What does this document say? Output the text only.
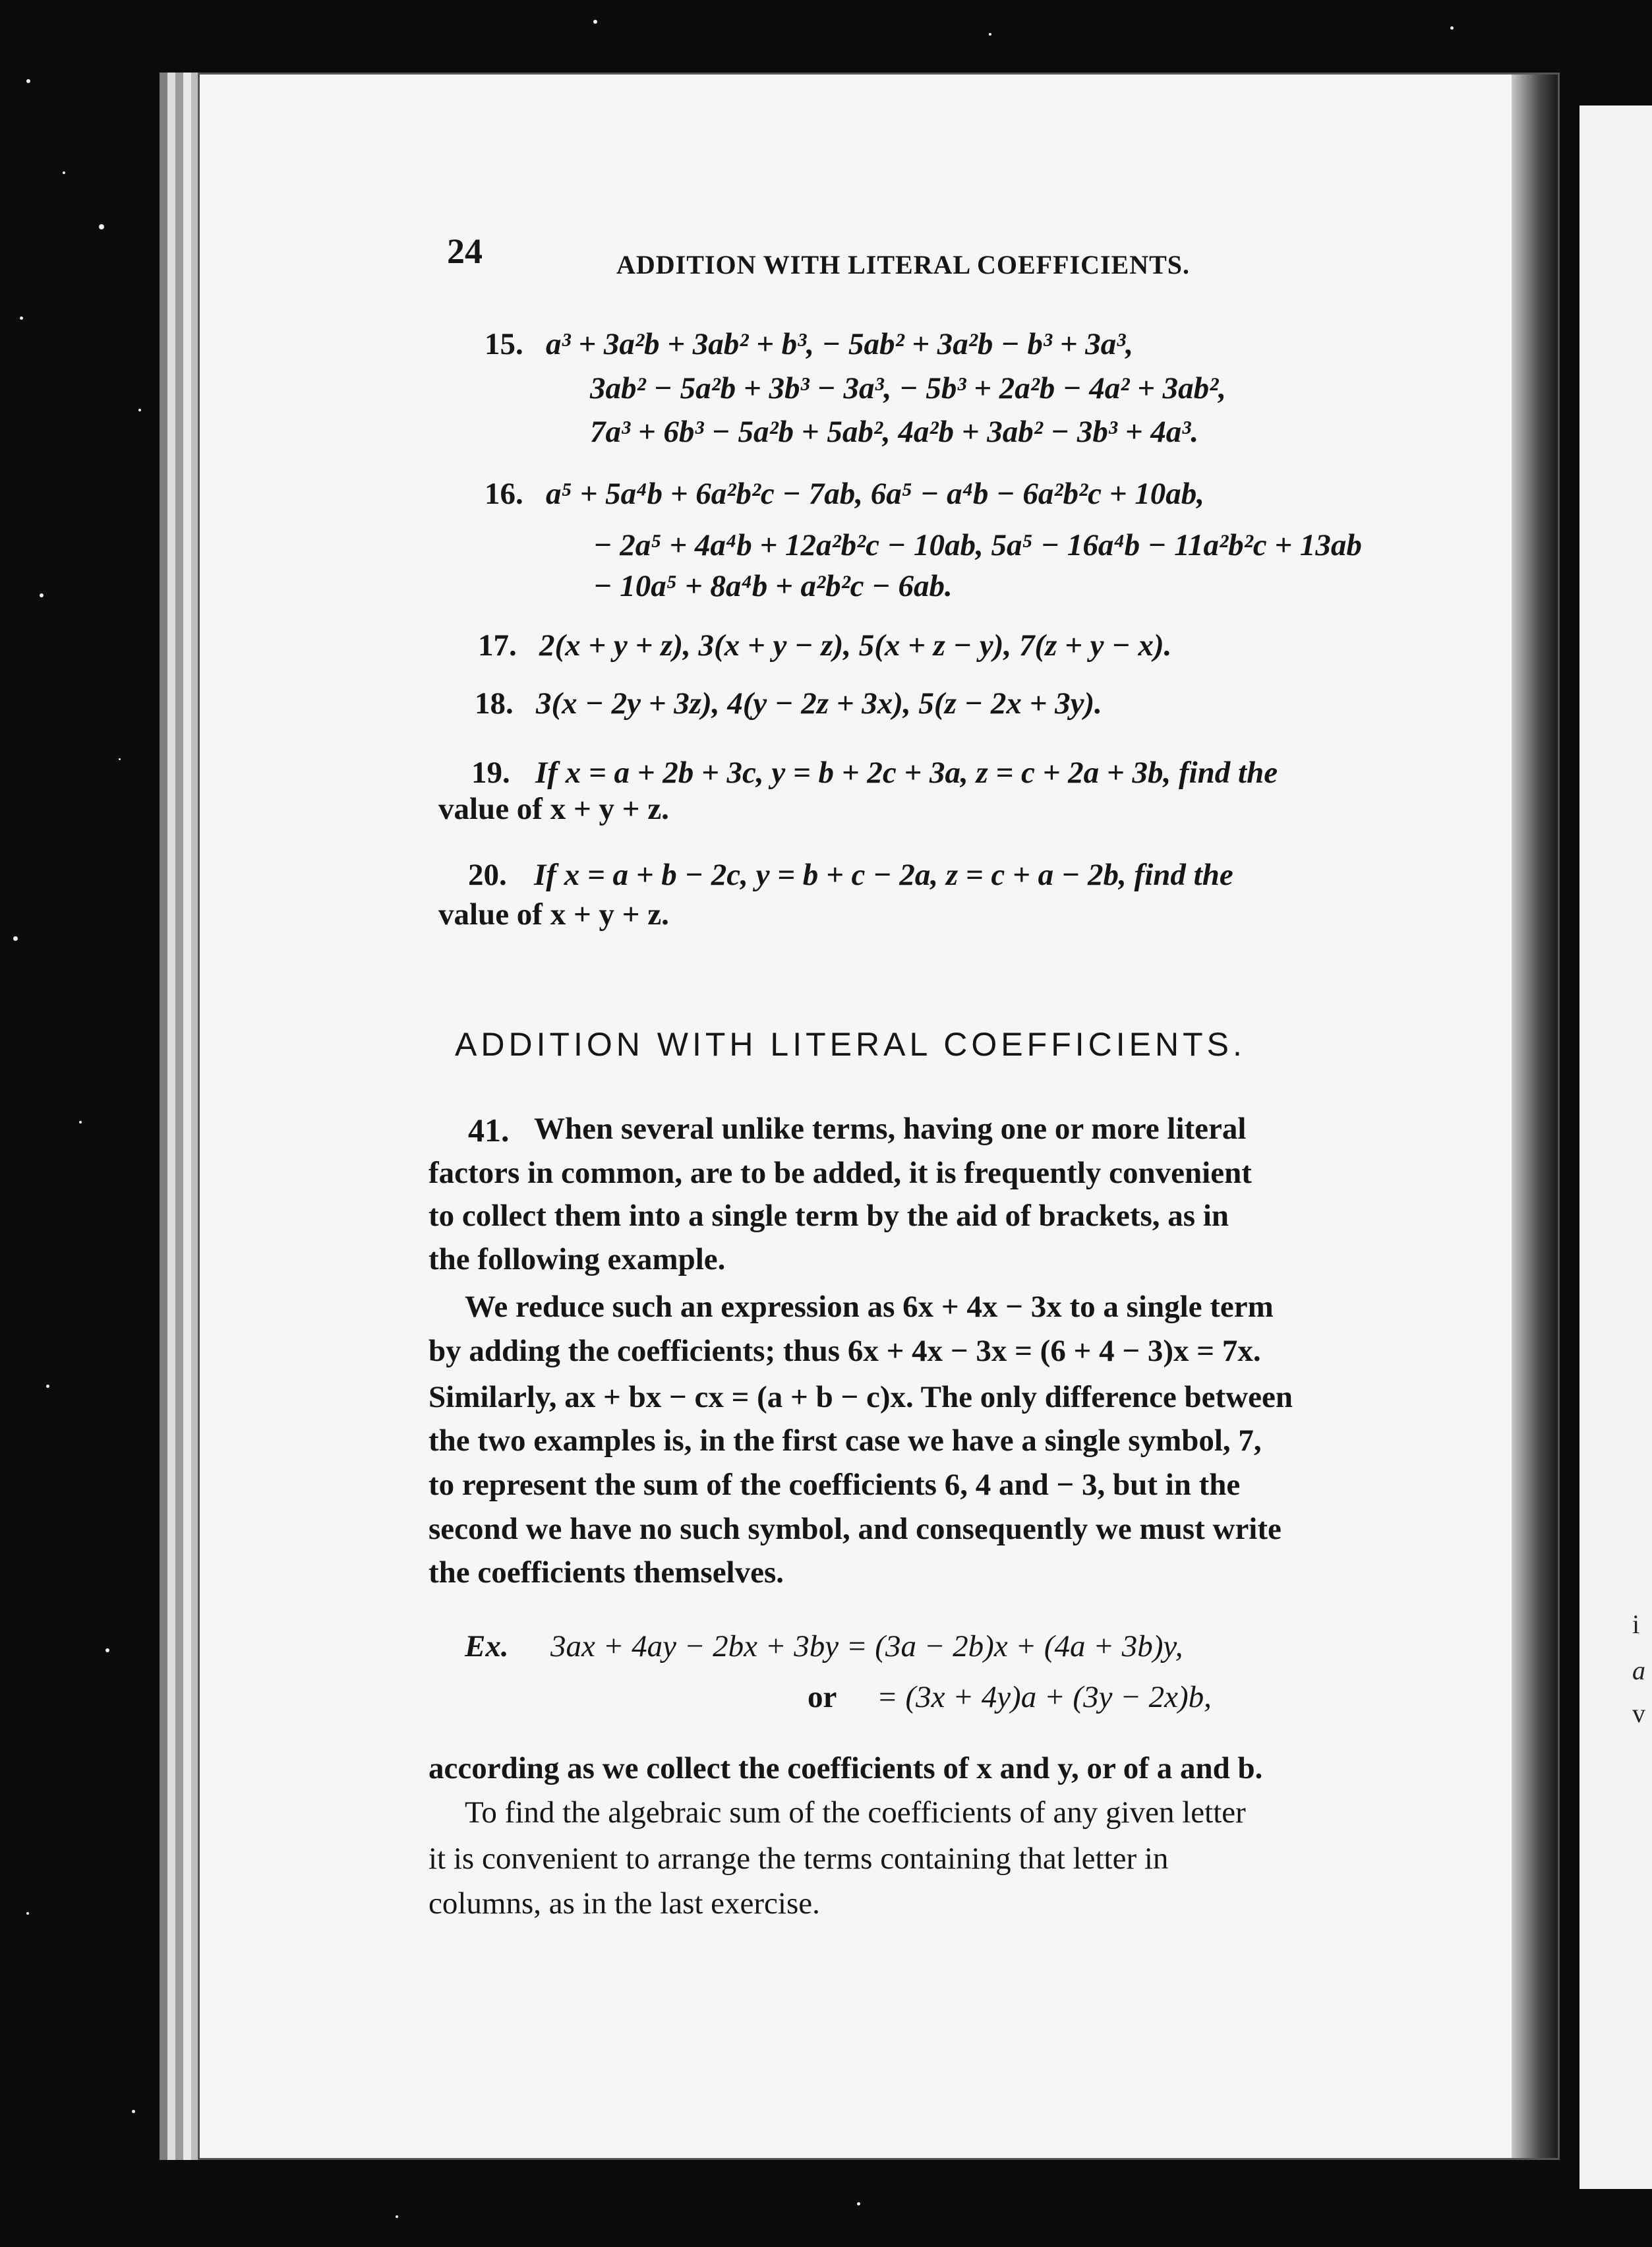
i
a
v
24	ADDITION WITH LITERAL COEFFICIENTS.
15. a³ + 3a²b + 3ab² + b³, − 5ab² + 3a²b − b³ + 3a³,
3ab² − 5a²b + 3b³ − 3a³, − 5b³ + 2a²b − 4a² + 3ab²,
7a³ + 6b³ − 5a²b + 5ab², 4a²b + 3ab² − 3b³ + 4a³.
16. a⁵ + 5a⁴b + 6a²b²c − 7ab, 6a⁵ − a⁴b − 6a²b²c + 10ab,
− 2a⁵ + 4a⁴b + 12a²b²c − 10ab, 5a⁵ − 16a⁴b − 11a²b²c + 13ab
− 10a⁵ + 8a⁴b + a²b²c − 6ab.
17. 2(x + y + z), 3(x + y − z), 5(x + z − y), 7(z + y − x).
18. 3(x − 2y + 3z), 4(y − 2z + 3x), 5(z − 2x + 3y).
19. If x = a + 2b + 3c, y = b + 2c + 3a, z = c + 2a + 3b, find the
value of x + y + z.
20. If x = a + b − 2c, y = b + c − 2a, z = c + a − 2b, find the
value of x + y + z.
ADDITION WITH LITERAL COEFFICIENTS.
41. When several unlike terms, having one or more literal
factors in common, are to be added, it is frequently convenient
to collect them into a single term by the aid of brackets, as in
the following example.
We reduce such an expression as 6x + 4x − 3x to a single term
by adding the coefficients; thus 6x + 4x − 3x = (6 + 4 − 3)x = 7x.
Similarly, ax + bx − cx = (a + b − c)x. The only difference between
the two examples is, in the first case we have a single symbol, 7,
to represent the sum of the coefficients 6, 4 and − 3, but in the
second we have no such symbol, and consequently we must write
the coefficients themselves.
Ex. 3ax + 4ay − 2bx + 3by = (3a − 2b)x + (4a + 3b)y,
or = (3x + 4y)a + (3y − 2x)b,
according as we collect the coefficients of x and y, or of a and b.
To find the algebraic sum of the coefficients of any given letter
it is convenient to arrange the terms containing that letter in
columns, as in the last exercise.
